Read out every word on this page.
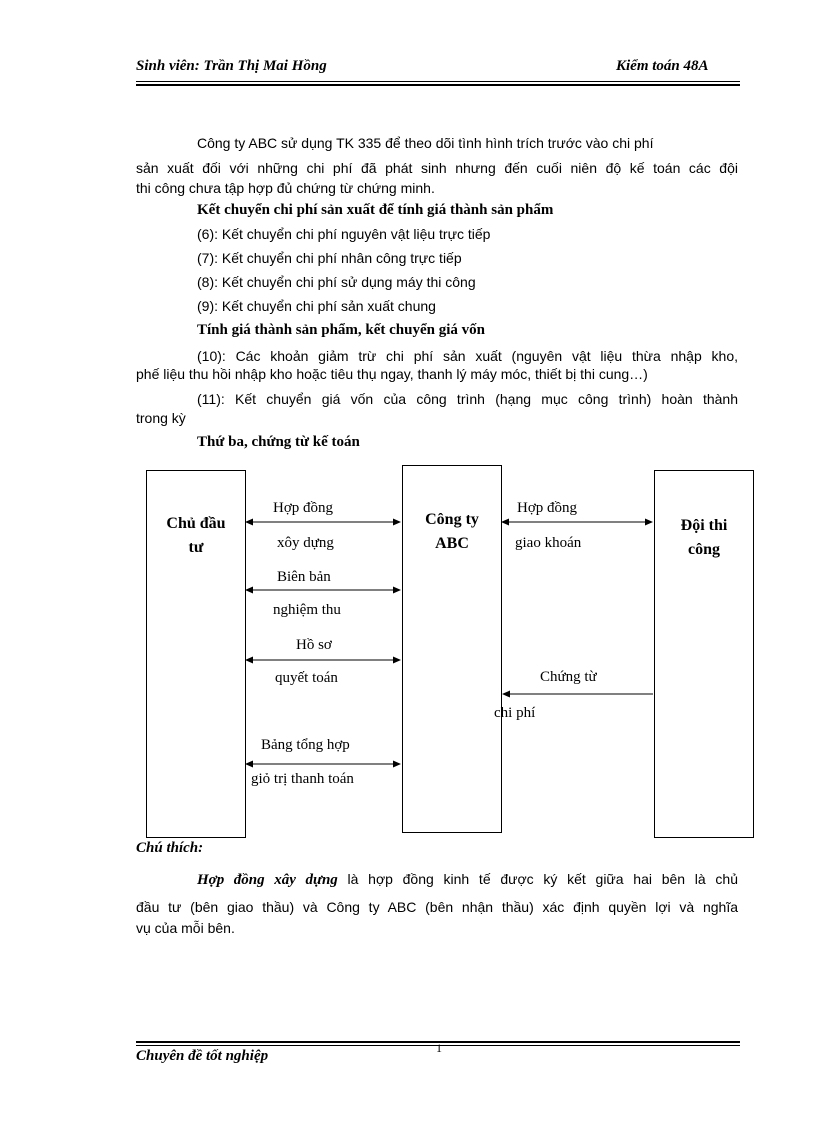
Sinh viên: Trần Thị Mai Hồng	Kiểm toán 48A
Công ty ABC sử dụng TK 335 để theo dõi tình hình trích trước vào chi phí
sản xuất đối với những chi phí đã phát sinh nhưng đến cuối niên độ kế toán các đội
thi công chưa tập hợp đủ chứng từ chứng minh.
Kết chuyển chi phí sản xuất để tính giá thành sản phẩm
(6): Kết chuyển chi phí nguyên vật liệu trực tiếp
(7): Kết chuyển chi phí nhân công trực tiếp
(8): Kết chuyển chi phí sử dụng máy thi công
(9): Kết chuyển chi phí sản xuất chung
Tính giá thành sản phẩm, kết chuyển giá vốn
(10): Các khoản giảm trừ chi phí sản xuất (nguyên vật liệu thừa nhập kho,
phế liệu thu hồi nhập kho hoặc tiêu thụ ngay, thanh lý máy móc, thiết bị thi cung…)
(11): Kết chuyển giá vốn của công trình (hạng mục công trình) hoàn thành
trong kỳ
Thứ ba, chứng từ kế toán
Chủ đầu
tư
Công ty
ABC
Đội thi
công
Hợp đồng
xôy dựng
Biên bản
nghiệm thu
Hồ sơ
quyết toán
Bảng tổng hợp
giỏ trị thanh toán
Hợp đồng
giao khoán
Chứng từ
chi phí
Chú thích:
Hợp đồng xây dựng là hợp đồng kinh tế được ký kết giữa hai bên là chủ
đầu tư (bên giao thầu) và Công ty ABC (bên nhận thầu) xác định quyền lợi và nghĩa
vụ của mỗi bên.
1
Chuyên đề tốt nghiệp
